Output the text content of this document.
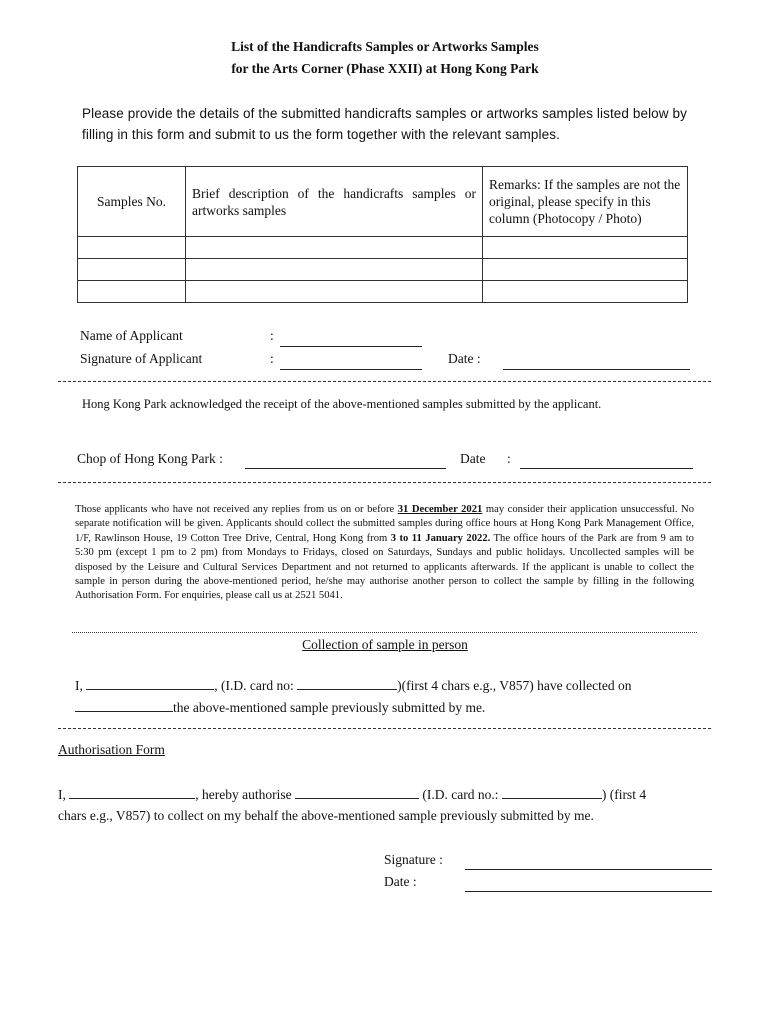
List of the Handicrafts Samples or Artworks Samples
for the Arts Corner (Phase XXII) at Hong Kong Park
Please provide the details of the submitted handicrafts samples or artworks samples listed below by filling in this form and submit to us the form together with the relevant samples.
Samples No.	Brief description of the handicrafts samples or artworks samples	Remarks: If the samples are not the original, please specify in this column (Photocopy / Photo)

Name of Applicant	:
Signature of Applicant	:	Date :
Hong Kong Park acknowledged the receipt of the above-mentioned samples submitted by the applicant.
Chop of Hong Kong Park :	Date :
Those applicants who have not received any replies from us on or before 31 December 2021 may consider their application unsuccessful. No separate notification will be given. Applicants should collect the submitted samples during office hours at Hong Kong Park Management Office, 1/F, Rawlinson House, 19 Cotton Tree Drive, Central, Hong Kong from 3 to 11 January 2022. The office hours of the Park are from 9 am to 5:30 pm (except 1 pm to 2 pm) from Mondays to Fridays, closed on Saturdays, Sundays and public holidays. Uncollected samples will be disposed by the Leisure and Cultural Services Department and not returned to applicants afterwards. If the applicant is unable to collect the sample in person during the above-mentioned period, he/she may authorise another person to collect the sample by filling in the following Authorisation Form. For enquiries, please call us at 2521 5041.
Collection of sample in person
I,	, (I.D. card no:	)(first 4 chars e.g., V857) have collected on
the above-mentioned sample previously submitted by me.
Authorisation Form
I,	, hereby authorise	(I.D. card no.:	) (first 4
chars e.g., V857) to collect on my behalf the above-mentioned sample previously submitted by me.
Signature :
Date :
